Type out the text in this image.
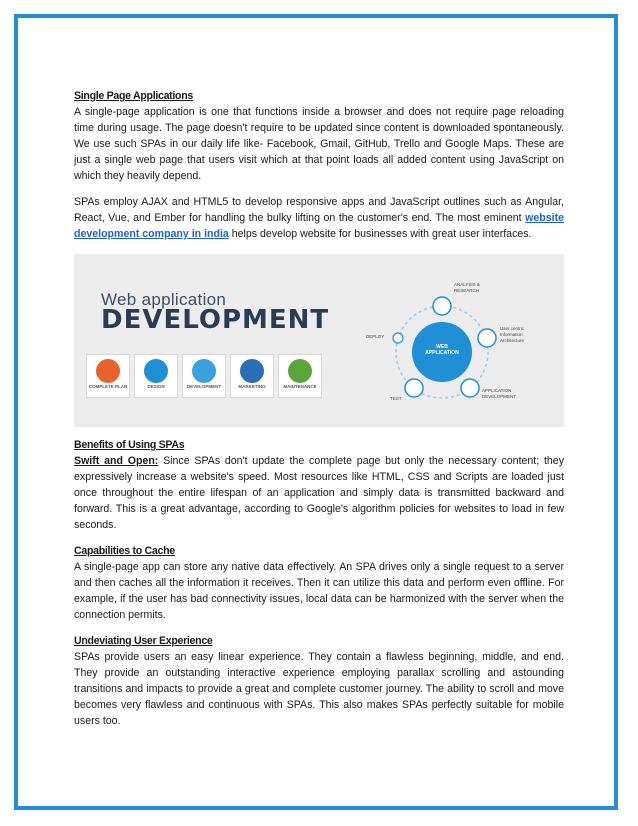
Single Page Applications

A single-page application is one that functions inside a browser and does not require page reloading time during usage. The page doesn't require to be updated since content is downloaded spontaneously. We use such SPAs in our daily life like- Facebook, Gmail, GitHub, Trello and Google Maps. These are just a single web page that users visit which at that point loads all added content using JavaScript on which they heavily depend.

SPAs employ AJAX and HTML5 to develop responsive apps and JavaScript outlines such as Angular, React, Vue, and Ember for handling the bulky lifting on the customer's end. The most eminent website development company in india helps develop website for businesses with great user interfaces.

Web application
DEVELOPMENT
COMPLETE PLAN	DESIGN	DEVELOPMENT	MARKETING	MAINTENANCE
WEB
APPLICATION
ANALYSIS & RESEARCH
User centric Information Architecture
APPLICATION DEVELOPMENT
TEST
DEPLOY
Benefits of Using SPAs

Swift and Open: Since SPAs don't update the complete page but only the necessary content; they expressively increase a website's speed. Most resources like HTML, CSS and Scripts are loaded just once throughout the entire lifespan of an application and simply data is transmitted backward and forward. This is a great advantage, according to Google's algorithm policies for websites to load in few seconds.

Capabilities to Cache

A single-page app can store any native data effectively. An SPA drives only a single request to a server and then caches all the information it receives. Then it can utilize this data and perform even offline. For example, if the user has bad connectivity issues, local data can be harmonized with the server when the connection permits.

Undeviating User Experience

SPAs provide users an easy linear experience. They contain a flawless beginning, middle, and end. They provide an outstanding interactive experience employing parallax scrolling and astounding transitions and impacts to provide a great and complete customer journey. The ability to scroll and move becomes very flawless and continuous with SPAs. This also makes SPAs perfectly suitable for mobile users too.
